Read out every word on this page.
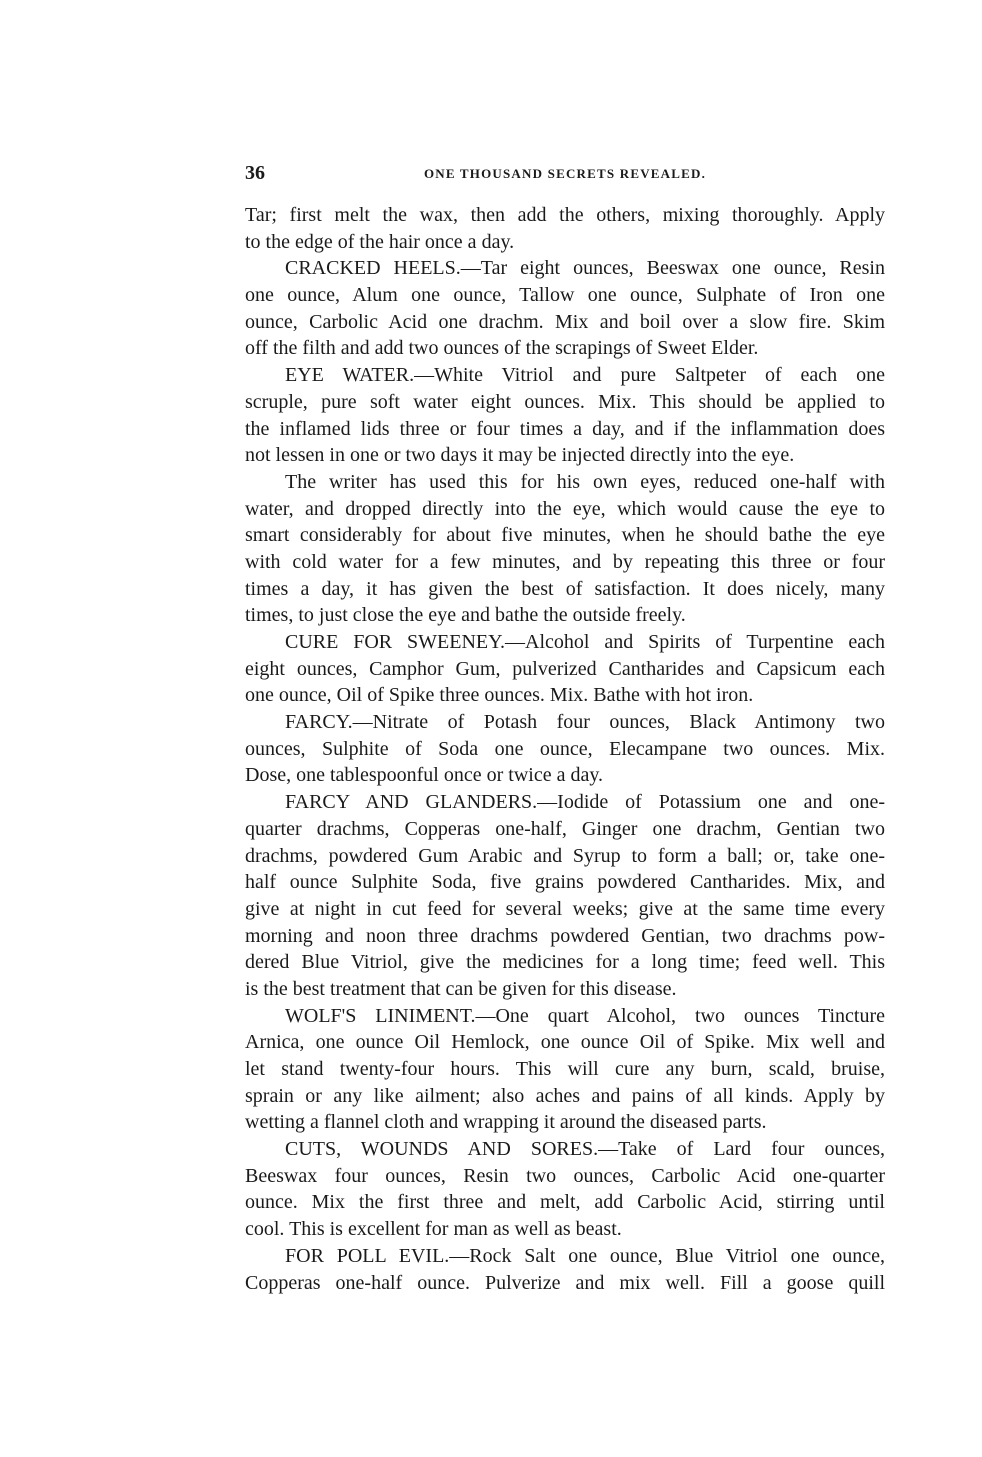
36	ONE THOUSAND SECRETS REVEALED.
Tar; first melt the wax, then add the others, mixing thoroughly. Apply
to the edge of the hair once a day.
CRACKED HEELS.—Tar eight ounces, Beeswax one ounce, Resin
one ounce, Alum one ounce, Tallow one ounce, Sulphate of Iron one
ounce, Carbolic Acid one drachm. Mix and boil over a slow fire. Skim
off the filth and add two ounces of the scrapings of Sweet Elder.
EYE WATER.—White Vitriol and pure Saltpeter of each one
scruple, pure soft water eight ounces. Mix. This should be applied to
the inflamed lids three or four times a day, and if the inflammation does
not lessen in one or two days it may be injected directly into the eye.
The writer has used this for his own eyes, reduced one-half with
water, and dropped directly into the eye, which would cause the eye to
smart considerably for about five minutes, when he should bathe the eye
with cold water for a few minutes, and by repeating this three or four
times a day, it has given the best of satisfaction. It does nicely, many
times, to just close the eye and bathe the outside freely.
CURE FOR SWEENEY.—Alcohol and Spirits of Turpentine each
eight ounces, Camphor Gum, pulverized Cantharides and Capsicum each
one ounce, Oil of Spike three ounces. Mix. Bathe with hot iron.
FARCY.—Nitrate of Potash four ounces, Black Antimony two
ounces, Sulphite of Soda one ounce, Elecampane two ounces. Mix.
Dose, one tablespoonful once or twice a day.
FARCY AND GLANDERS.—Iodide of Potassium one and one-
quarter drachms, Copperas one-half, Ginger one drachm, Gentian two
drachms, powdered Gum Arabic and Syrup to form a ball; or, take one-
half ounce Sulphite Soda, five grains powdered Cantharides. Mix, and
give at night in cut feed for several weeks; give at the same time every
morning and noon three drachms powdered Gentian, two drachms pow-
dered Blue Vitriol, give the medicines for a long time; feed well. This
is the best treatment that can be given for this disease.
WOLF'S LINIMENT.—One quart Alcohol, two ounces Tincture
Arnica, one ounce Oil Hemlock, one ounce Oil of Spike. Mix well and
let stand twenty-four hours. This will cure any burn, scald, bruise,
sprain or any like ailment; also aches and pains of all kinds. Apply by
wetting a flannel cloth and wrapping it around the diseased parts.
CUTS, WOUNDS AND SORES.—Take of Lard four ounces,
Beeswax four ounces, Resin two ounces, Carbolic Acid one-quarter
ounce. Mix the first three and melt, add Carbolic Acid, stirring until
cool. This is excellent for man as well as beast.
FOR POLL EVIL.—Rock Salt one ounce, Blue Vitriol one ounce,
Copperas one-half ounce. Pulverize and mix well. Fill a goose quill
